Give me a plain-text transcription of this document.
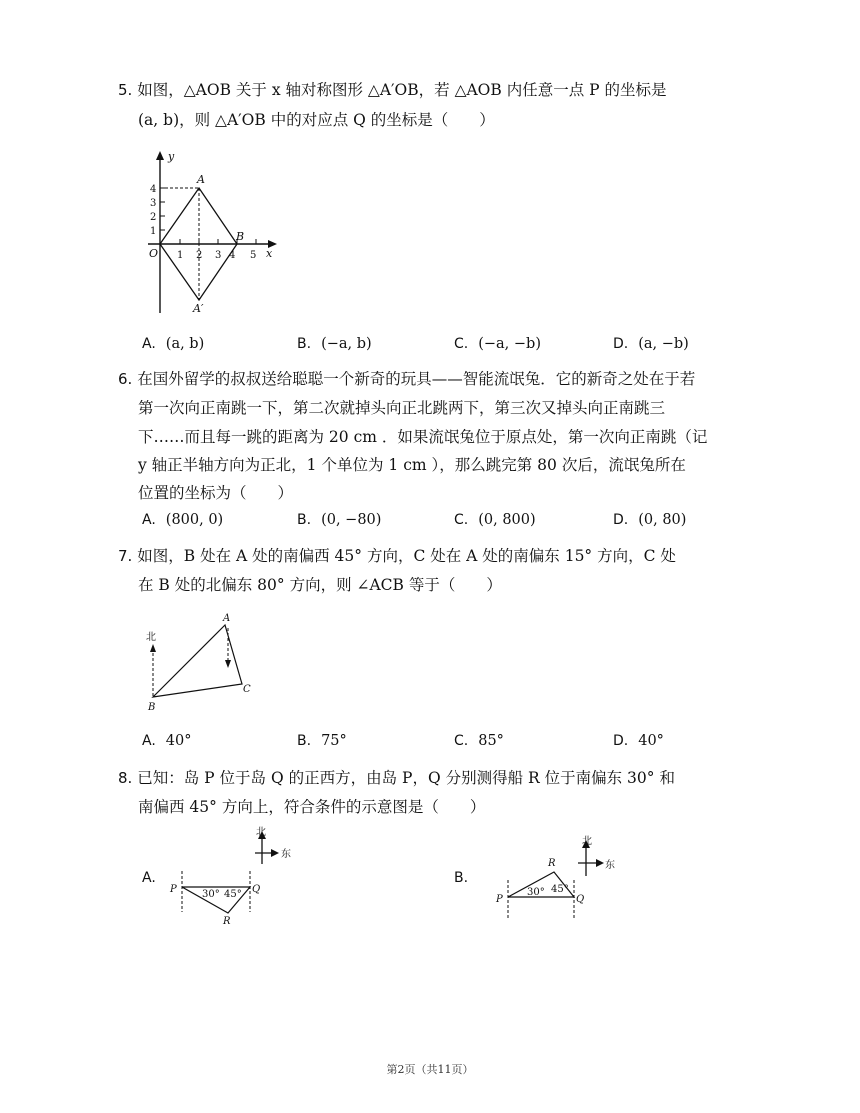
5. 如图，△AOB 关于 x 轴对称图形 △A′OB，若 △AOB 内任意一点 P 的坐标是
(a, b)，则 △A′OB 中的对应点 Q 的坐标是（　　）
y
x
O
4
3
2
1
1 2 3 4 5
A
B
A′
A. (a, b)	B. (−a, b)	C. (−a, −b)	D. (a, −b)
6. 在国外留学的叔叔送给聪聪一个新奇的玩具——智能流氓兔．它的新奇之处在于若
第一次向正南跳一下，第二次就掉头向正北跳两下，第三次又掉头向正南跳三
下……而且每一跳的距离为 20 cm ．如果流氓兔位于原点处，第一次向正南跳（记
y 轴正半轴方向为正北，1 个单位为 1 cm ），那么跳完第 80 次后，流氓兔所在
位置的坐标为（　　）
A. (800, 0)	B. (0, −80)	C. (0, 800)	D. (0, 80)
7. 如图，B 处在 A 处的南偏西 45° 方向，C 处在 A 处的南偏东 15° 方向，C 处
在 B 处的北偏东 80° 方向，则 ∠ACB 等于（　　）
北
A
B
C
A. 40°	B. 75°	C. 85°	D. 40°
8. 已知：岛 P 位于岛 Q 的正西方，由岛 P，Q 分别测得船 R 位于南偏东 30° 和
南偏西 45° 方向上，符合条件的示意图是（　　）
A.
北
东
P	Q
R
30° 45°
B.
北
东
P	Q
R
30° 45°
第2页（共11页）
